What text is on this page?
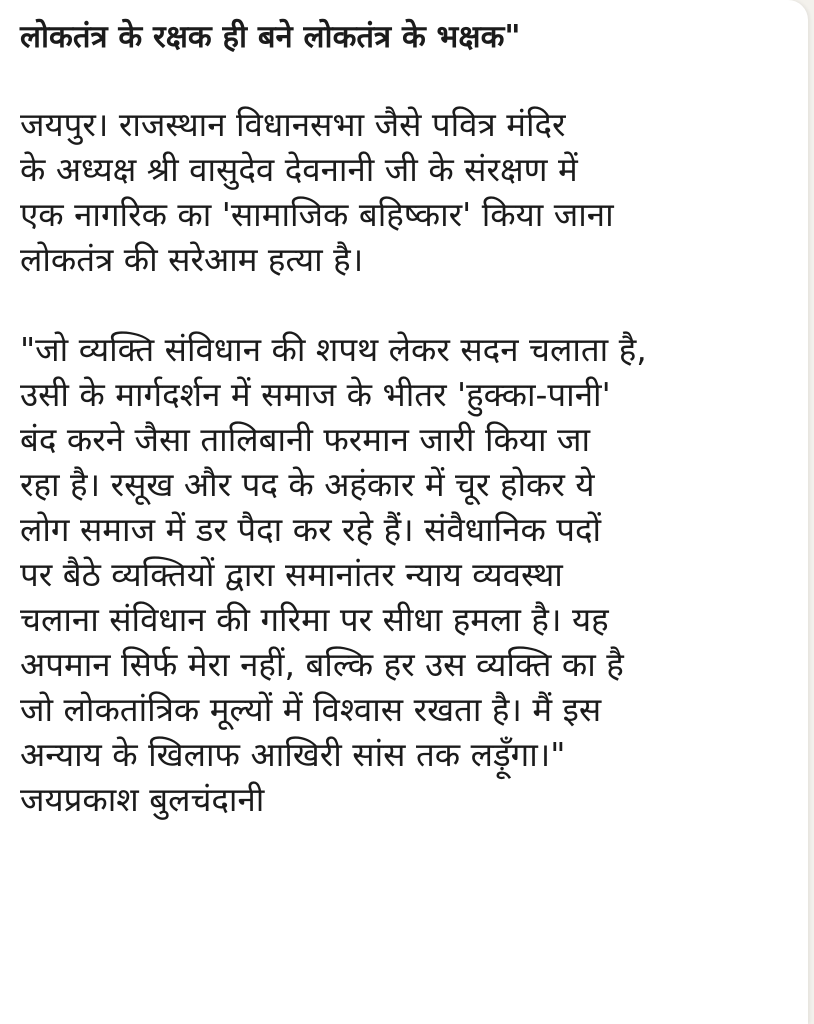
लोकतंत्र के रक्षक ही बने लोकतंत्र के भक्षक"

जयपुर। राजस्थान विधानसभा जैसे पवित्र मंदिर
के अध्यक्ष श्री वासुदेव देवनानी जी के संरक्षण में
एक नागरिक का 'सामाजिक बहिष्कार' किया जाना
लोकतंत्र की सरेआम हत्या है।

"जो व्यक्ति संविधान की शपथ लेकर सदन चलाता है,
उसी के मार्गदर्शन में समाज के भीतर 'हुक्का-पानी'
बंद करने जैसा तालिबानी फरमान जारी किया जा
रहा है। रसूख और पद के अहंकार में चूर होकर ये
लोग समाज में डर पैदा कर रहे हैं। संवैधानिक पदों
पर बैठे व्यक्तियों द्वारा समानांतर न्याय व्यवस्था
चलाना संविधान की गरिमा पर सीधा हमला है। यह
अपमान सिर्फ मेरा नहीं, बल्कि हर उस व्यक्ति का है
जो लोकतांत्रिक मूल्यों में विश्वास रखता है। मैं इस
अन्याय के खिलाफ आखिरी सांस तक लड़ूँगा।"

जयप्रकाश बुलचंदानी
